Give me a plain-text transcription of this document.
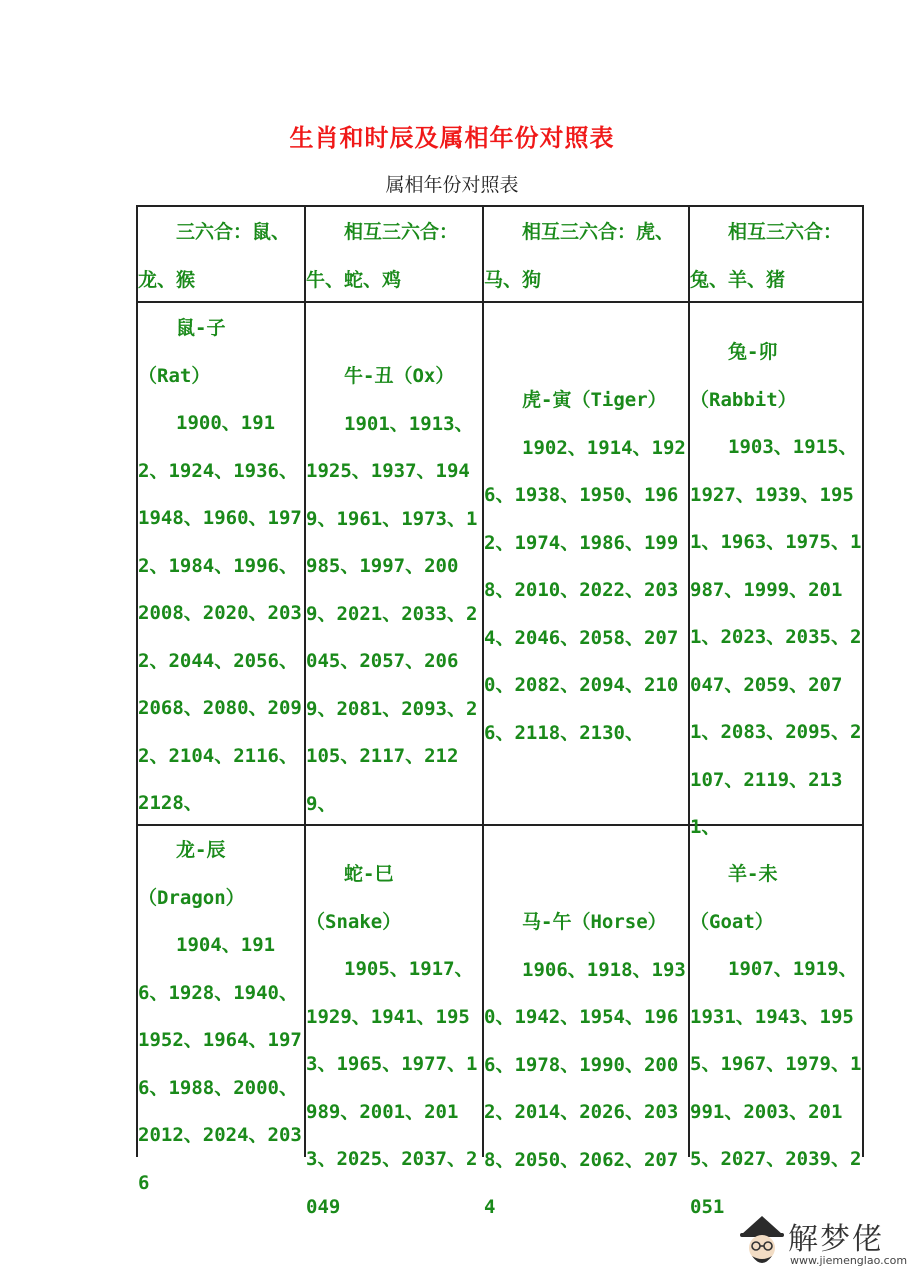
生肖和时辰及属相年份对照表
属相年份对照表

三六合：鼠、

龙、猴

相互三六合：

牛、蛇、鸡

相互三六合：虎、

马、狗

相互三六合：

兔、羊、猪

鼠-子

（Rat）

1900、1912、1924、1936、1948、1960、1972、1984、1996、2008、2020、2032、2044、2056、2068、2080、2092、2104、2116、2128、

牛-丑（Ox）

1901、1913、1925、1937、1949、1961、1973、1985、1997、2009、2021、2033、2045、2057、2069、2081、2093、2105、2117、2129、

虎-寅（Tiger）

1902、1914、1926、1938、1950、1962、1974、1986、1998、2010、2022、2034、2046、2058、2070、2082、2094、2106、2118、2130、

兔-卯

（Rabbit）

1903、1915、1927、1939、1951、1963、1975、1987、1999、2011、2023、2035、2047、2059、2071、2083、2095、2107、2119、2131、

龙-辰

（Dragon）

1904、1916、1928、1940、1952、1964、1976、1988、2000、2012、2024、2036

蛇-巳

（Snake）

1905、1917、1929、1941、1953、1965、1977、1989、2001、2013、2025、2037、2049

马-午（Horse）

1906、1918、1930、1942、1954、1966、1978、1990、2002、2014、2026、2038、2050、2062、2074

羊-未

（Goat）

1907、1919、1931、1943、1955、1967、1979、1991、2003、2015、2027、2039、2051

解梦佬
www.jiemenglao.com
